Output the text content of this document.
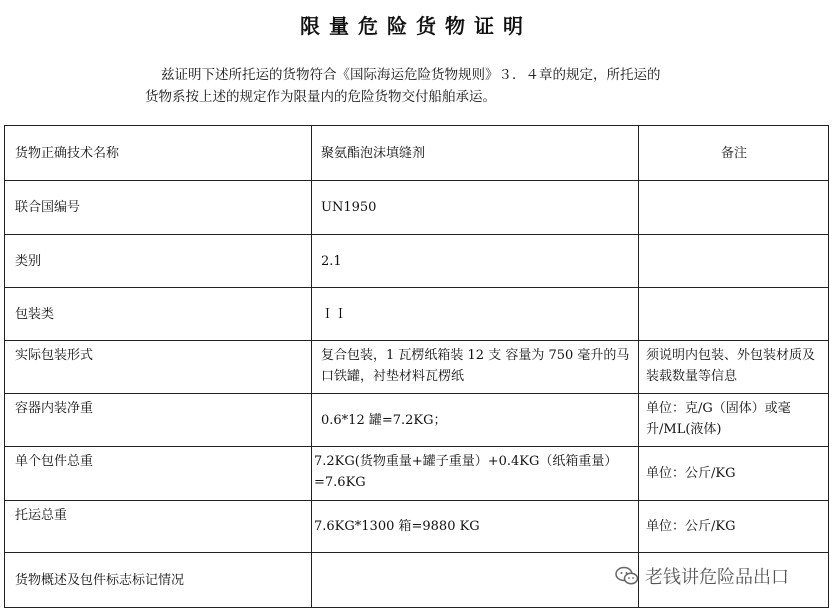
限量危险货物证明
兹证明下述所托运的货物符合《国际海运危险货物规则》３．４章的规定，所托运的
货物系按上述的规定作为限量内的危险货物交付船舶承运。
货物正确技术名称	聚氨酯泡沫填缝剂	备注
联合国编号	UN1950	
类别	2.1	
包装类	ＩＩ	
实际包装形式	复合包装，1 瓦楞纸箱装 12 支 容量为 750 毫升的马口铁罐，衬垫材料瓦楞纸	须说明内包装、外包装材质及装载数量等信息
容器内装净重	0.6*12 罐=7.2KG；	单位：克/G（固体）或毫升/ML(液体)
单个包件总重	7.2KG(货物重量+罐子重量）+0.4KG（纸箱重量）=7.6KG	单位：公斤/KG
托运总重	7.6KG*1300 箱=9880 KG	单位：公斤/KG
货物概述及包件标志标记情况			老钱讲危险品出口
